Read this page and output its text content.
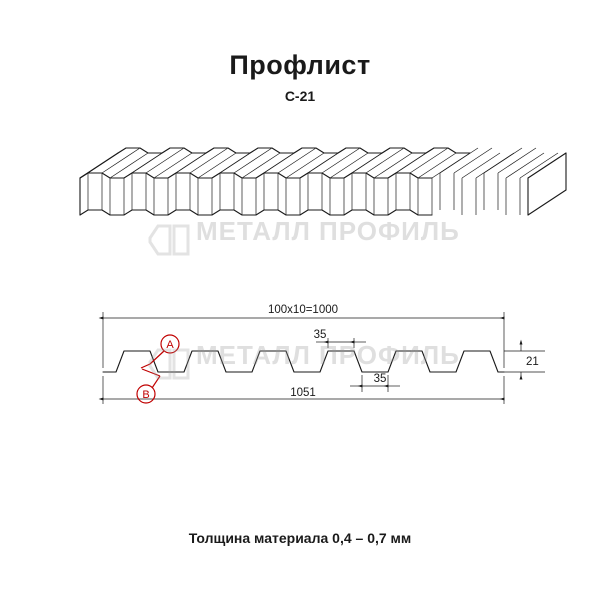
100х10=1000
1051
35
35
21
A
B
Профлист
С-21
Толщина материала 0,4 – 0,7 мм
МЕТАЛЛ ПРОФИЛЬ
МЕТАЛЛ ПРОФИЛЬ
